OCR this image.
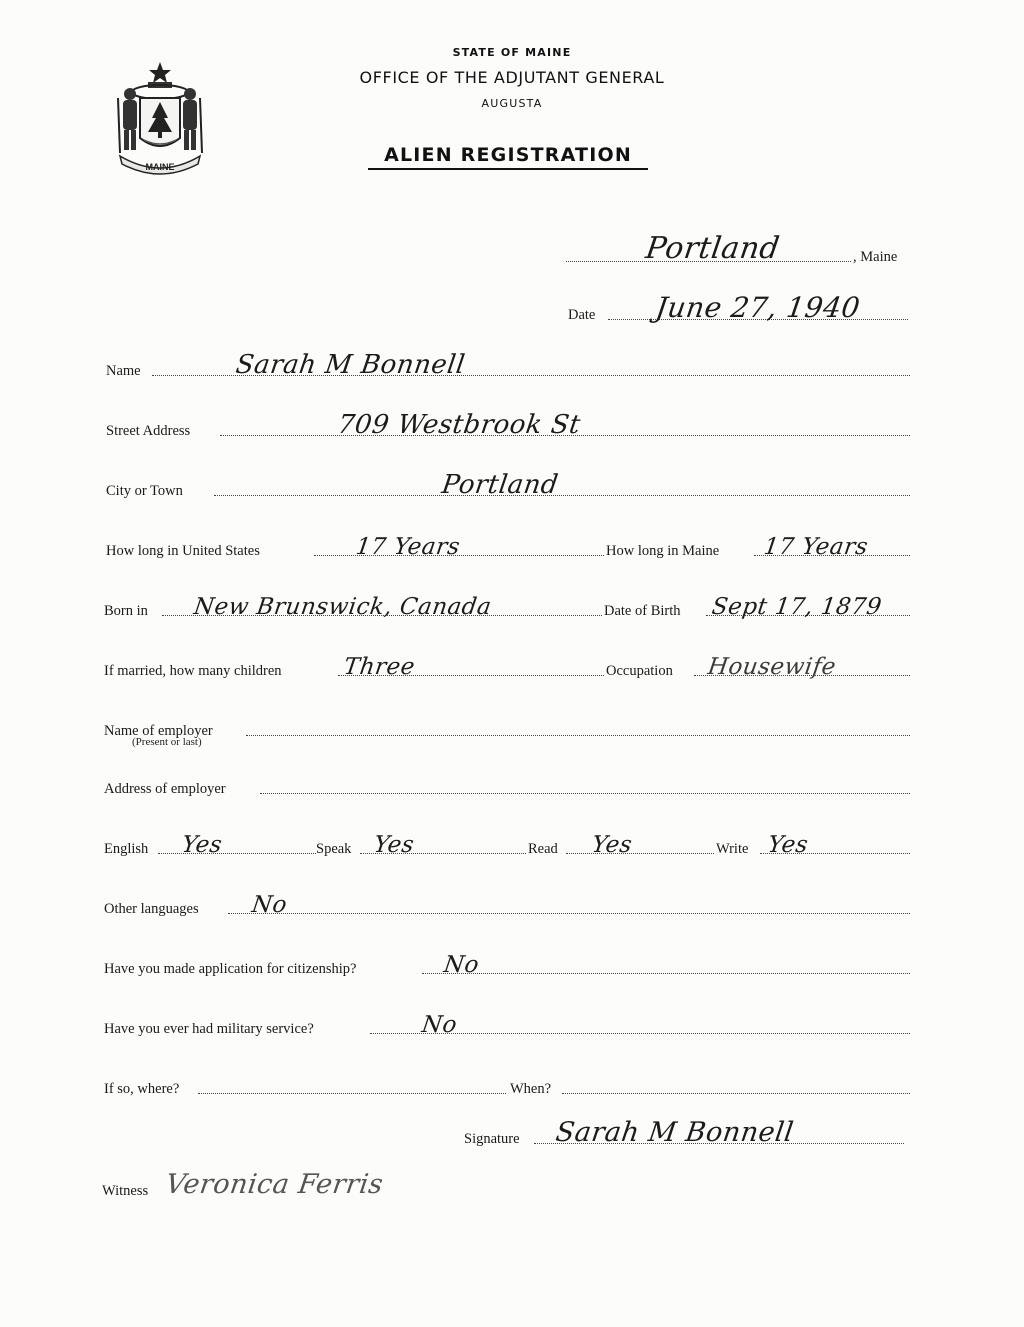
MAINE
STATE OF MAINE
OFFICE OF THE ADJUTANT GENERAL
AUGUSTA
ALIEN REGISTRATION
Portland	, Maine
Date June 27, 1940
Name	Sarah M Bonnell
Street Address	709 Westbrook St
City or Town	Portland
How long in United States	17 Years	How long in Maine 17 Years
Born in New Brunswick, Canada	Date of Birth Sept 17, 1879
If married, how many children	Three	Occupation Housewife
Name of employer
(Present or last)
Address of employer
English Yes	Speak Yes	Read Yes	Write Yes
Other languages No
Have you made application for citizenship?	No
Have you ever had military service?	No
If so, where?	When?
Signature Sarah M Bonnell
Witness Veronica Ferris
